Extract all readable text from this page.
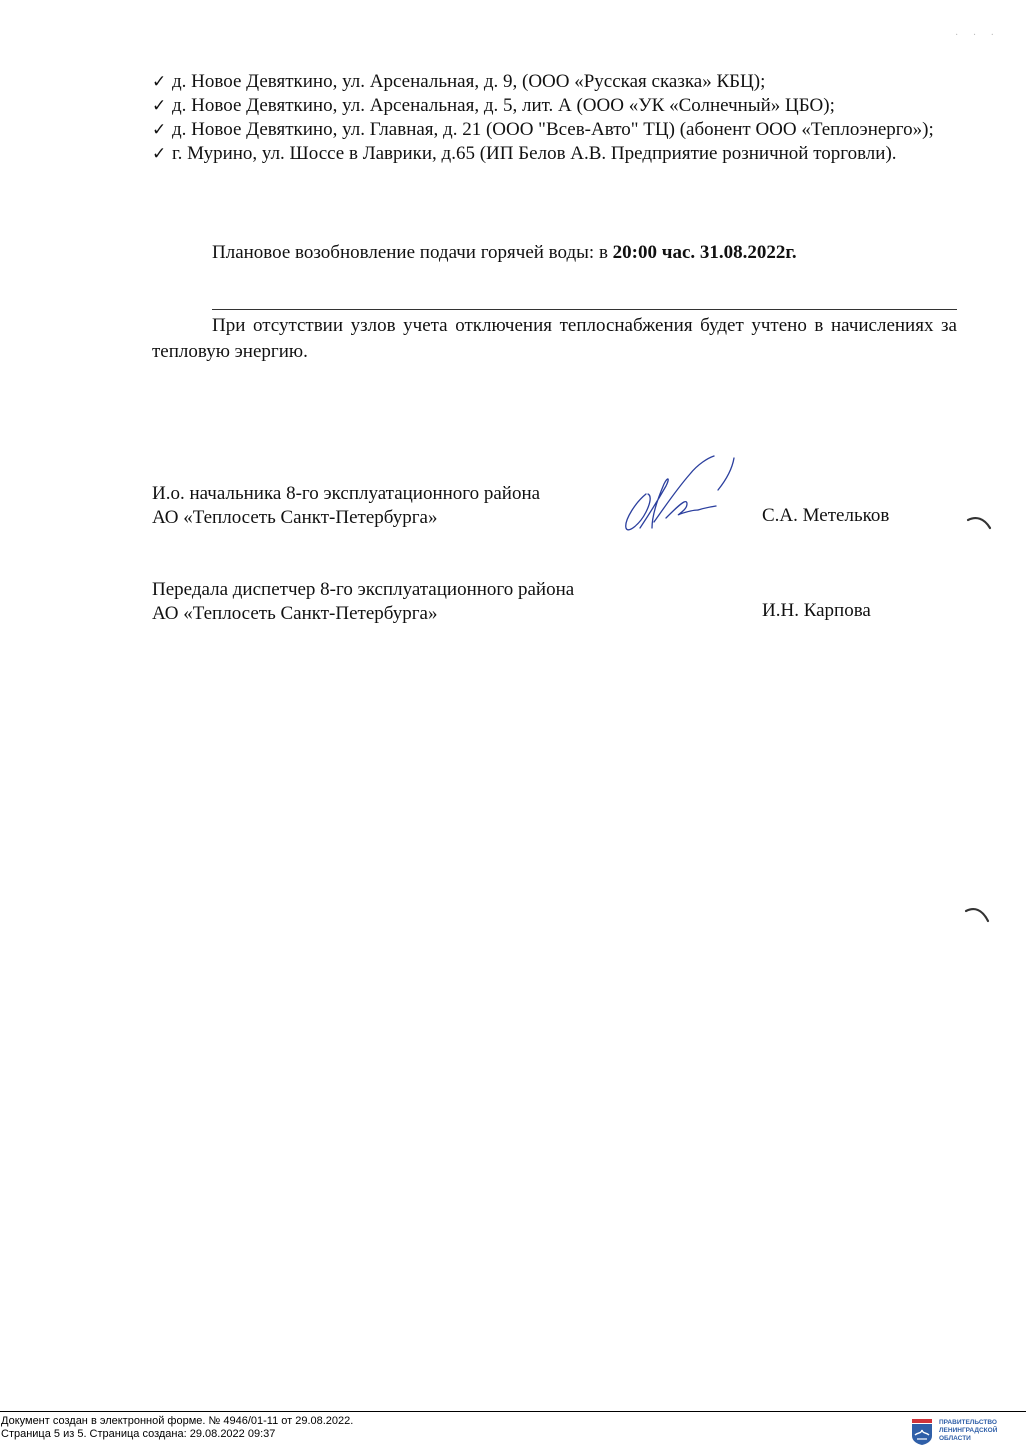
· · ·
✓ д. Новое Девяткино, ул. Арсенальная, д. 9, (ООО «Русская сказка» КБЦ);
✓ д. Новое Девяткино, ул. Арсенальная, д. 5, лит. А (ООО «УК «Солнечный» ЦБО);
✓ д. Новое Девяткино, ул. Главная, д. 21 (ООО "Всев-Авто" ТЦ) (абонент ООО «Теплоэнерго»);
✓ г. Мурино, ул. Шоссе в Лаврики, д.65 (ИП Белов А.В. Предприятие розничной торговли).
Плановое возобновление подачи горячей воды: в 20:00 час. 31.08.2022г.
При отсутствии узлов учета отключения теплоснабжения будет учтено в начислениях за тепловую энергию.
И.о. начальника 8-го эксплуатационного района
АО «Теплосеть Санкт-Петербурга»	С.А. Метельков
Передала диспетчер 8-го эксплуатационного района
АО «Теплосеть Санкт-Петербурга»	И.Н. Карпова
Документ создан в электронной форме. № 4946/01-11 от 29.08.2022.
Страница 5 из 5. Страница создана: 29.08.2022 09:37
ПРАВИТЕЛЬСТВО
ЛЕНИНГРАДСКОЙ
ОБЛАСТИ
